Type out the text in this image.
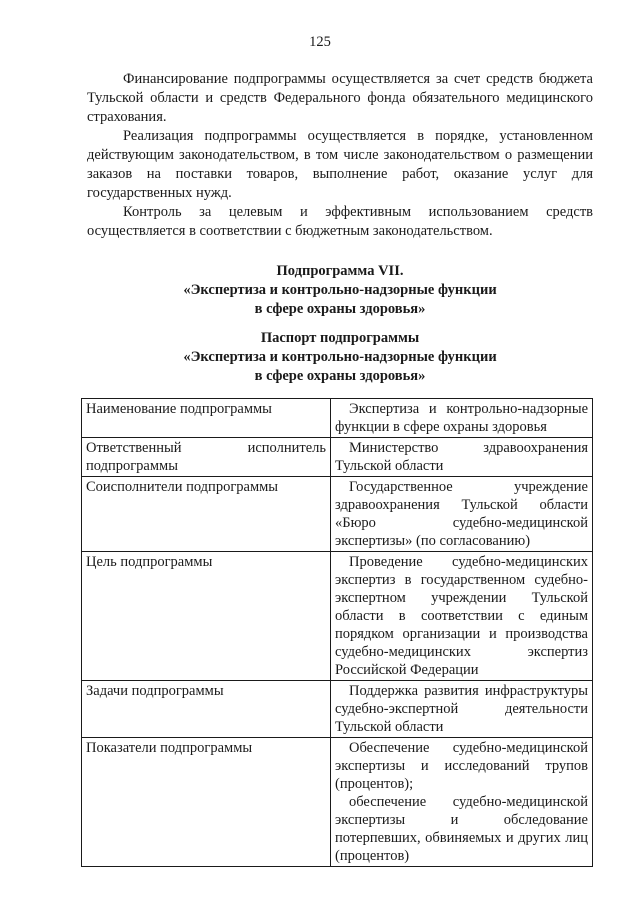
125

Финансирование подпрограммы осуществляется за счет средств бюджета Тульской области и средств Федерального фонда обязательного медицинского страхования.

Реализация подпрограммы осуществляется в порядке, установленном действующим законодательством, в том числе законодательством о размещении заказов на поставки товаров, выполнение работ, оказание услуг для государственных нужд.

Контроль за целевым и эффективным использованием средств осуществляется в соответствии с бюджетным законодательством.

Подпрограмма VII.
«Экспертиза и контрольно-надзорные функции
в сфере охраны здоровья»
Паспорт подпрограммы
«Экспертиза и контрольно-надзорные функции
в сфере охраны здоровья»
Наименование подпрограммы	Экспертиза и контрольно-надзорные функции в сфере охраны здоровья

Ответственный исполнитель подпрограммы	Министерство здравоохранения Тульской области

Соисполнители подпрограммы	Государственное учреждение здравоохранения Тульской области «Бюро судебно-медицинской экспертизы» (по согласованию)

Цель подпрограммы	Проведение судебно-медицинских экспертиз в государственном судебно-экспертном учреждении Тульской области в соответствии с единым порядком организации и производства судебно-медицинских экспертиз Российской Федерации

Задачи подпрограммы	Поддержка развития инфраструктуры судебно-экспертной деятельности Тульской области

Показатели подпрограммы	Обеспечение судебно-медицинской экспертизы и исследований трупов (процентов);

обеспечение судебно-медицинской экспертизы и обследование потерпевших, обвиняемых и других лиц (процентов)
